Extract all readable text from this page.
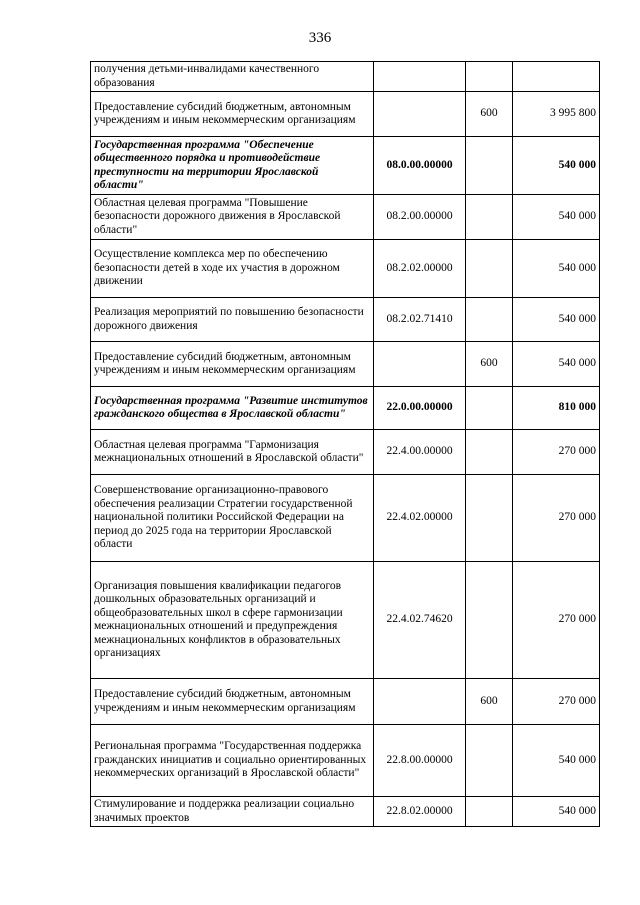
336
получения детьми-инвалидами качественного образования			
Предоставление субсидий бюджетным, автономным учреждениям и иным некоммерческим организациям		600	3 995 800
Государственная программа "Обеспечение общественного порядка и противодействие преступности на территории Ярославской области"	08.0.00.00000		540 000
Областная целевая программа "Повышение безопасности дорожного движения в Ярославской области"	08.2.00.00000		540 000
Осуществление комплекса мер по обеспечению безопасности детей в ходе их участия в дорожном движении	08.2.02.00000		540 000
Реализация мероприятий по повышению безопасности дорожного движения	08.2.02.71410		540 000
Предоставление субсидий бюджетным, автономным учреждениям и иным некоммерческим организациям		600	540 000
Государственная программа "Развитие институтов гражданского общества в Ярославской области"	22.0.00.00000		810 000
Областная целевая программа "Гармонизация межнациональных отношений в Ярославской области"	22.4.00.00000		270 000
Совершенствование организационно-правового обеспечения реализации Стратегии государственной национальной политики Российской Федерации на период до 2025 года на территории Ярославской области	22.4.02.00000		270 000
Организация повышения квалификации педагогов дошкольных образовательных организаций и общеобразовательных школ в сфере гармонизации межнациональных отношений и предупреждения межнациональных конфликтов в образовательных организациях	22.4.02.74620		270 000
Предоставление субсидий бюджетным, автономным учреждениям и иным некоммерческим организациям		600	270 000
Региональная программа "Государственная поддержка гражданских инициатив и социально ориентированных некоммерческих организаций в Ярославской области"	22.8.00.00000		540 000
Стимулирование и поддержка реализации социально значимых проектов	22.8.02.00000		540 000
